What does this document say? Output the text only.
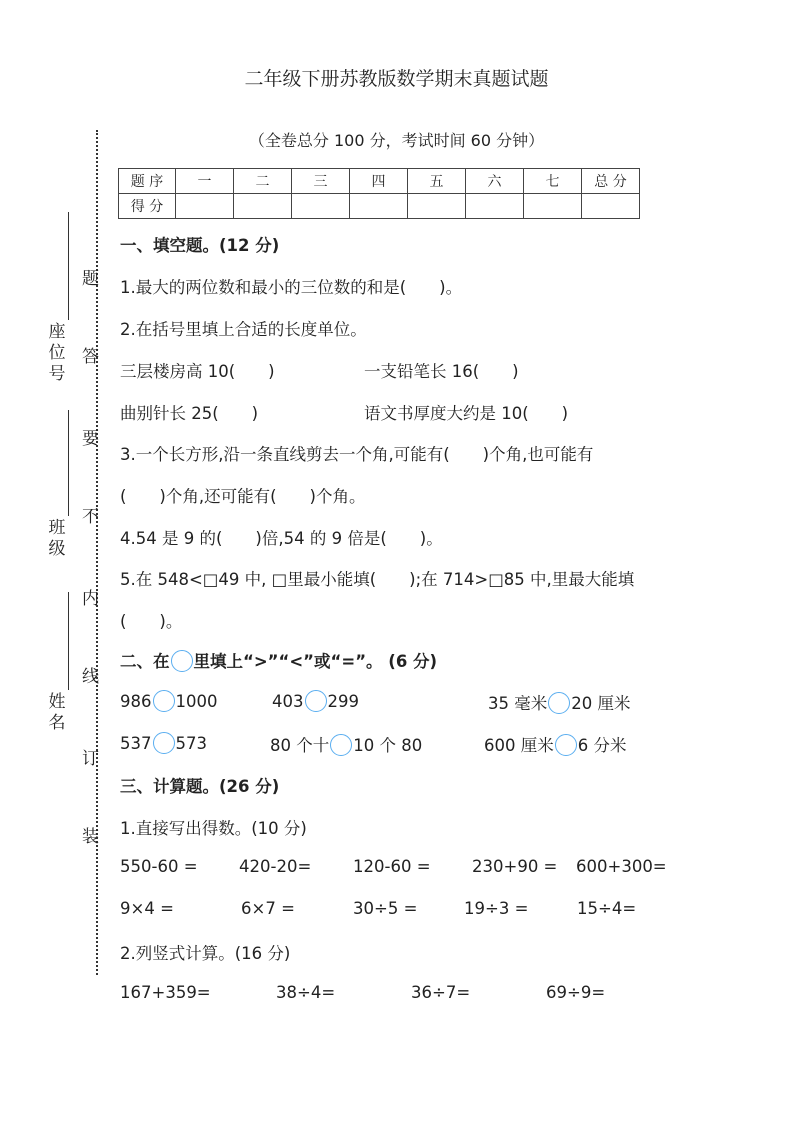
二年级下册苏教版数学期末真题试题
（全卷总分 100 分，考试时间 60 分钟）
题 序	一	二	三	四	五	六	七	总 分
得 分								
座位号
班级
姓名
题
答
要
不
内
线
订
装
一、填空题。(12 分)
1.最大的两位数和最小的三位数的和是(　　)。
2.在括号里填上合适的长度单位。
三层楼房高 10(　　)	一支铅笔长 16(　　)
曲别针长 25(　　)	语文书厚度大约是 10(　　)
3.一个长方形,沿一条直线剪去一个角,可能有(　　)个角,也可能有
(　　)个角,还可能有(　　)个角。
4.54 是 9 的(　　)倍,54 的 9 倍是(　　)。
5.在 548<□49 中, □里最小能填(　　);在 714>□85 中,里最大能填
(　　)。
二、在 里填上“>”“<”或“=”。 (6 分)
986 1000	403 299	35 毫米 20 厘米
537 573	80 个十 10 个 80	600 厘米 6 分米
三、计算题。(26 分)
1.直接写出得数。(10 分)
550-60 =	420-20=	120-60 =	230+90 = 600+300=
9×4 =	6×7 =	30÷5 =	19÷3 =	15÷4=
2.列竖式计算。(16 分)
167+359=	38÷4=	36÷7=	69÷9=
